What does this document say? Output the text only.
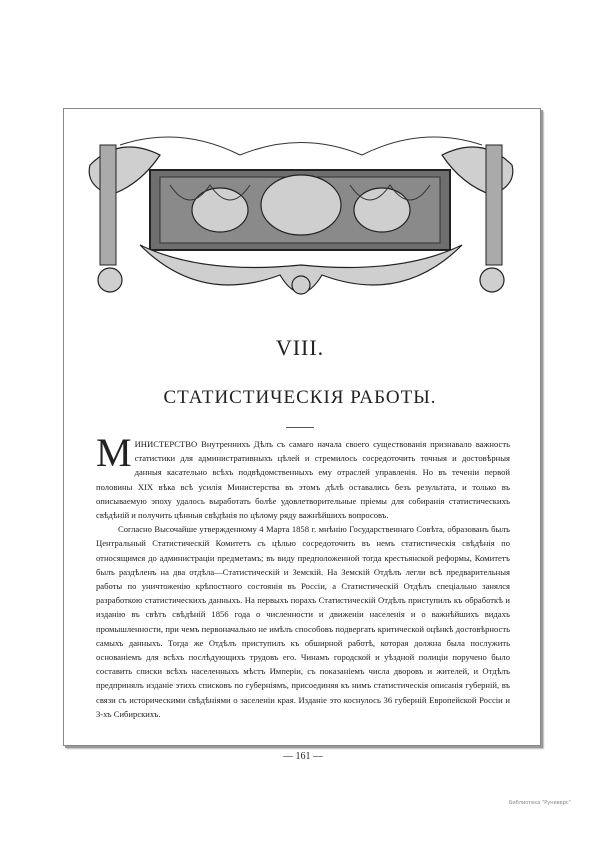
VIII.
СТАТИСТИЧЕСКІЯ РАБОТЫ.

МИНИСТЕРСТВО Внутреннихъ Дѣлъ съ самаго начала своего существованія признавало важность статистики для административныхъ цѣлей и стремилось сосредоточить точныя и достовѣрныя данныя касательно всѣхъ подвѣдомственныхъ ему отраслей управленія. Но въ теченіи первой половины XIX вѣка всѣ усилія Министерства въ этомъ дѣлѣ оставались безъ результата, и только въ описываемую эпоху удалось выработать болѣе удовлетворительные пріемы для собиранія статистическихъ свѣдѣній и получить цѣнныя свѣдѣнія по цѣлому ряду важнѣйшихъ вопросовъ.

Согласно Высочайше утвержденному 4 Марта 1858 г. мнѣнію Государственнаго Совѣта, образованъ былъ Центральный Статистическій Комитетъ съ цѣлью сосредоточить въ немъ статистическія свѣдѣнія по относящимся до администраціи предметамъ; въ виду предположенной тогда крестьянской реформы, Комитетъ былъ раздѣленъ на два отдѣла—Статистическій и Земскій. На Земскій Отдѣлъ легли всѣ предварительныя работы по уничтоженію крѣпостного состоянія въ Россіи, а Статистическій Отдѣлъ спеціально занялся разработкою статистическихъ данныхъ. На первыхъ порахъ Статистическій Отдѣлъ приступилъ къ обработкѣ и изданію въ свѣтъ свѣдѣній 1856 года о численности и движеніи населенія и о важнѣйшихъ видахъ промышленности, при чемъ первоначально не имѣлъ способовъ подвергать критической оцѣнкѣ достовѣрность самыхъ данныхъ. Тогда же Отдѣлъ приступилъ къ обширной работѣ, которая должна была послужить основаніемъ для всѣхъ послѣдующихъ трудовъ его. Чинамъ городской и уѣздной полиціи поручено было составить списки всѣхъ населенныхъ мѣстъ Имперіи, съ показаніемъ числа дворовъ и жителей, и Отдѣлъ предпринялъ изданіе этихъ списковъ по губерніямъ, присоединяя къ нимъ статистическія описанія губерній, въ связи съ историческими свѣдѣніями о заселеніи края. Изданіе это коснулось 36 губерній Европейской Россіи и 3-хъ Сибирскихъ.

— 161 —
Библиотека "Руниверс"
